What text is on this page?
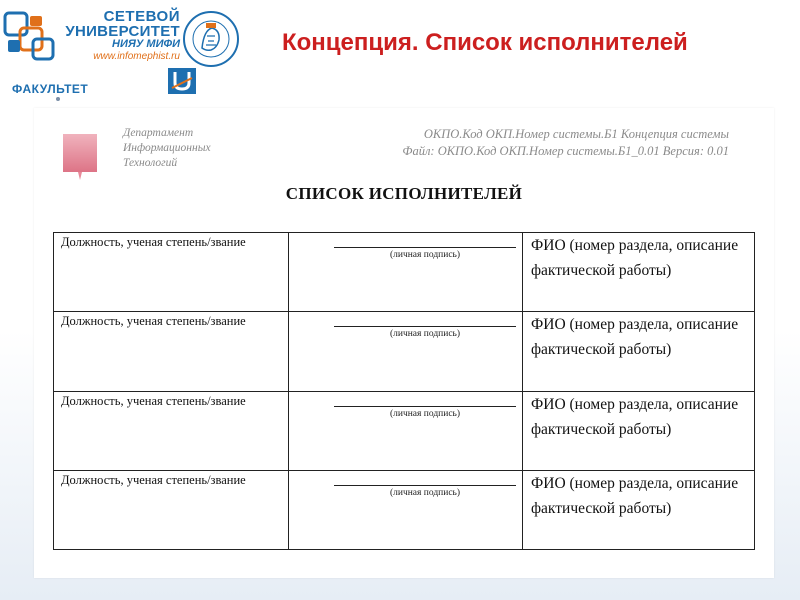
СЕТЕВОЙ
УНИВЕРСИТЕТ
НИЯУ МИФИ
www.infomephist.ru
ФАКУЛЬТЕТ
Концепция. Список исполнителей
Департамент
Информационных
Технологий
ОКПО.Код ОКП.Номер системы.Б1 Концепция системы
Файл: ОКПО.Код ОКП.Номер системы.Б1_0.01 Версия: 0.01
СПИСОК ИСПОЛНИТЕЛЕЙ
Должность, ученая степень/звание	(личная подпись)	ФИО (номер раздела, описание фактической работы)

Должность, ученая степень/звание	(личная подпись)	ФИО (номер раздела, описание фактической работы)

Должность, ученая степень/звание	(личная подпись)	ФИО (номер раздела, описание фактической работы)

Должность, ученая степень/звание	(личная подпись)	ФИО (номер раздела, описание фактической работы)
